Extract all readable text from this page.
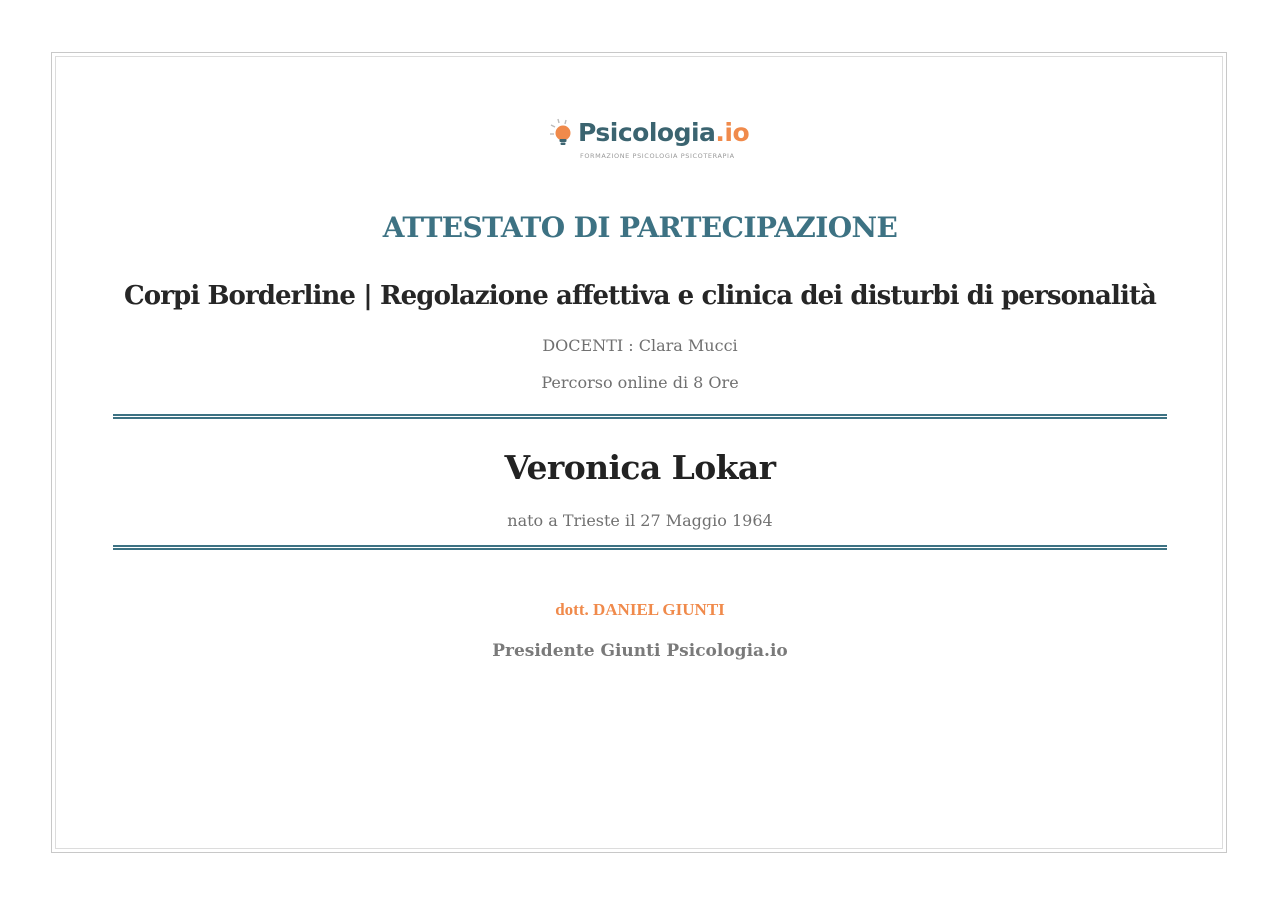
Psicologia.io
FORMAZIONE PSICOLOGIA PSICOTERAPIA
ATTESTATO DI PARTECIPAZIONE
Corpi Borderline | Regolazione affettiva e clinica dei disturbi di personalità
DOCENTI : Clara Mucci
Percorso online di 8 Ore
Veronica Lokar
nato a Trieste il 27 Maggio 1964
dott. DANIEL GIUNTI
Presidente Giunti Psicologia.io
